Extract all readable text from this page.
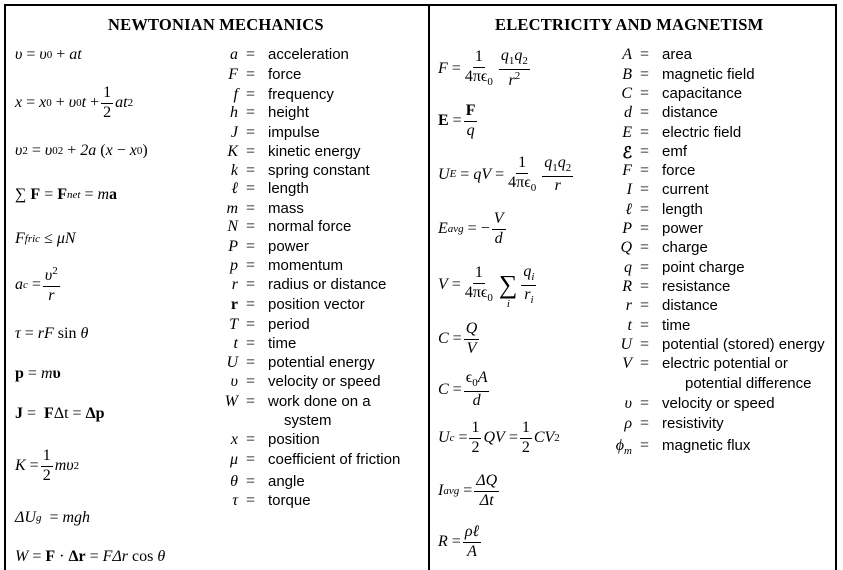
NEWTONIAN MECHANICS	ELECTRICITY AND MAGNETISM
υ
=
υ 0
+
at
x
=
x 0
+
υ 0 t
+ $\frac{1}{2}$ at 2
υ 2
=
υ 0 2
+
2a
( x
−
x 0 )
∑
F
=
F net
=
m a
F fric
≤
μN
a c
= $\frac{\upsilon^2}{r}$
τ
=
rF
sin
θ
p
=
m υ
J
=
F Δt
=
Δp
K
= $\frac{1}{2}$ mυ 2
ΔU g
=
mgh
W
=
F
·
Δr
=
FΔr
cos
θ
a = acceleration
F = force
f = frequency
h = height
J = impulse
K = kinetic energy
k = spring constant
ℓ = length
m = mass
N = normal force
P = power
p = momentum
r = radius or distance
r = position vector
T = period
t = time
U = potential energy
υ = velocity or speed
W = work done on a
system
x = position
μ = coefficient of friction
θ = angle
τ = torque
F
= $\frac{1}{4\pi\epsilon_0} \frac{q_1q_2}{r^2}$
E
= $\frac{F}{q}$
U E
=
qV
= $\frac{1}{4\pi\epsilon_0} \frac{q_1q_2}{r}$
E avg
=
− $\frac{V}{d}$
V
= $\frac{1}{4\pi\epsilon_0}$ ∑
i $\frac{q_i}{r_i}$
C
= $\frac{Q}{V}$
C
= $\frac{\epsilon_0A}{d}$
U c
= $\frac{1}{2}$ QV
= $\frac{1}{2}$ CV 2
I avg
= $\frac{\Delta Q}{\Delta t}$
R
= $\frac{\text{ρℓ}}{A}$
A = area
B = magnetic field
C = capacitance
d = distance
E = electric field
ℰ = emf
F = force
I = current
ℓ = length
P = power
Q = charge
q = point charge
R = resistance
r = distance
t = time
U = potential (stored) energy
V = electric potential or
potential difference
υ = velocity or speed
ρ = resistivity
$\phi_m$ = magnetic flux
